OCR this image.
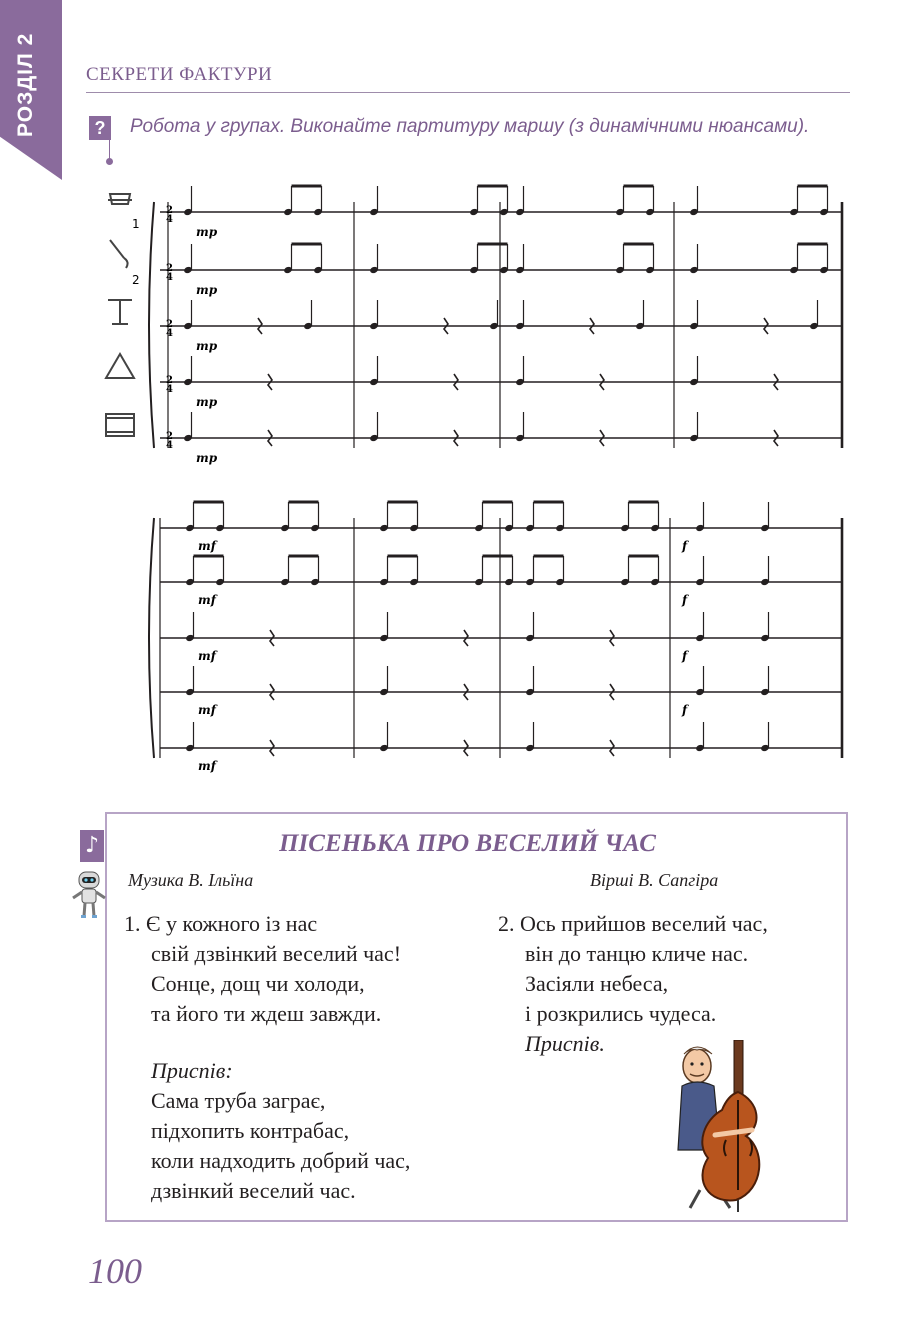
РОЗДІЛ 2	СЕКРЕТИ ФАКТУРИ
? Робота у групах. Виконайте партитуру маршу (з динамічними нюансами).
2
4
2
4
2
4
2
4
2
4
mp
mp
mp
mp
mp
mf	f
mf	f
mf	f
mf	f
mf
1
2
♪	ПІСЕНЬКА ПРО ВЕСЕЛИЙ ЧАС
Музика В. Ільїна	Вірші В. Сапгіра
1. Є у кожного із нас
свій дзвінкий веселий час!
Сонце, дощ чи холоди,
та його ти ждеш завжди.
Приспів:
Сама труба заграє,
підхопить контрабас,
коли надходить добрий час,
дзвінкий веселий час.
2. Ось прийшов веселий час,
він до танцю кличе нас.
Засіяли небеса,
і розкрились чудеса.
Приспів.
100
